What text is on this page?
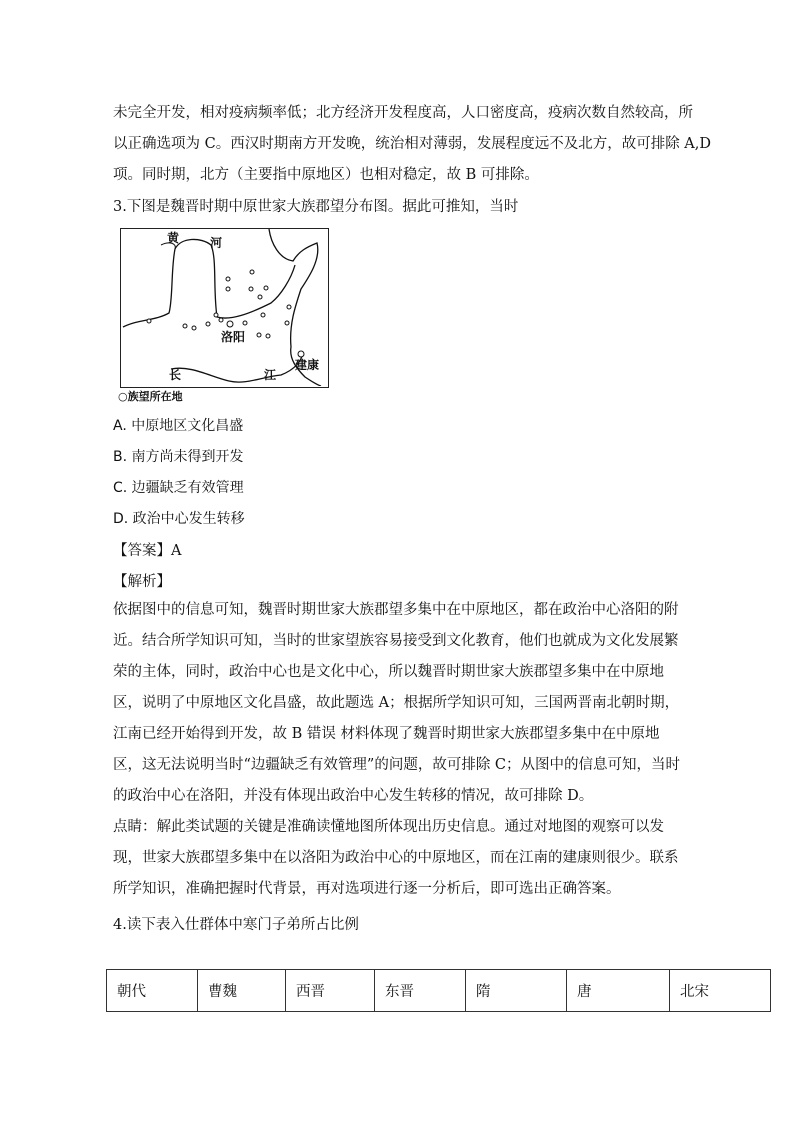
未完全开发，相对疫病频率低；北方经济开发程度高，人口密度高，疫病次数自然较高，所

以正确选项为 C。西汉时期南方开发晚，统治相对薄弱，发展程度远不及北方，故可排除 A,D

项。同时期，北方（主要指中原地区）也相对稳定，故 B 可排除。

3.下图是魏晋时期中原世家大族郡望分布图。据此可推知，当时

黄	河
洛阳
长	江
建康
○族望所在地

A. 中原地区文化昌盛

B. 南方尚未得到开发

C. 边疆缺乏有效管理

D. 政治中心发生转移

【答案】A

【解析】

依据图中的信息可知，魏晋时期世家大族郡望多集中在中原地区，都在政治中心洛阳的附近。结合所学知识可知，当时的世家望族容易接受到文化教育，他们也就成为文化发展繁荣的主体，同时，政治中心也是文化中心，所以魏晋时期世家大族郡望多集中在中原地区，说明了中原地区文化昌盛，故此题选 A；根据所学知识可知，三国两晋南北朝时期，江南已经开始得到开发，故 B 错误 材料体现了魏晋时期世家大族郡望多集中在中原地区，这无法说明当时“边疆缺乏有效管理”的问题，故可排除 C；从图中的信息可知，当时的政治中心在洛阳，并没有体现出政治中心发生转移的情况，故可排除 D。

点睛：解此类试题的关键是准确读懂地图所体现出历史信息。通过对地图的观察可以发现，世家大族郡望多集中在以洛阳为政治中心的中原地区，而在江南的建康则很少。联系所学知识，准确把握时代背景，再对选项进行逐一分析后，即可选出正确答案。

4.读下表入仕群体中寒门子弟所占比例

朝代	曹魏	西晋	东晋	隋	唐	北宋
